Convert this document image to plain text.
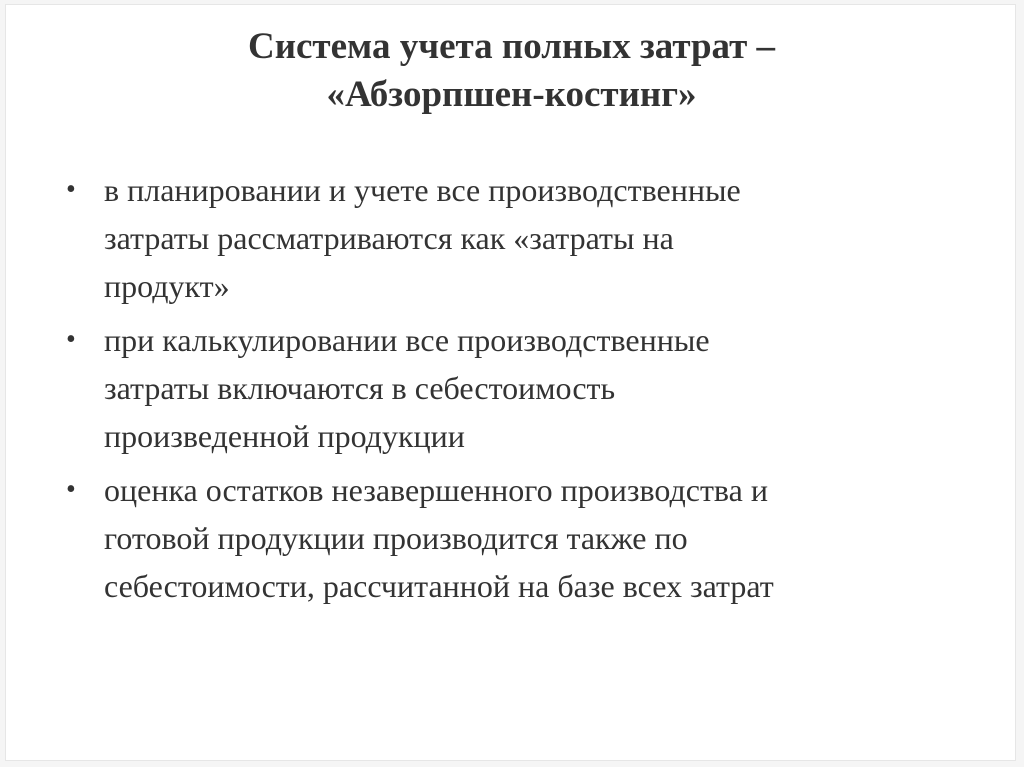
Система учета полных затрат –
«Абзорпшен-костинг»
• в планировании и учете все производственные
затраты рассматриваются как «затраты на
продукт»
• при калькулировании все производственные
затраты включаются в себестоимость
произведенной продукции
• оценка остатков незавершенного производства и
готовой продукции производится также по
себестоимости, рассчитанной на базе всех затрат
